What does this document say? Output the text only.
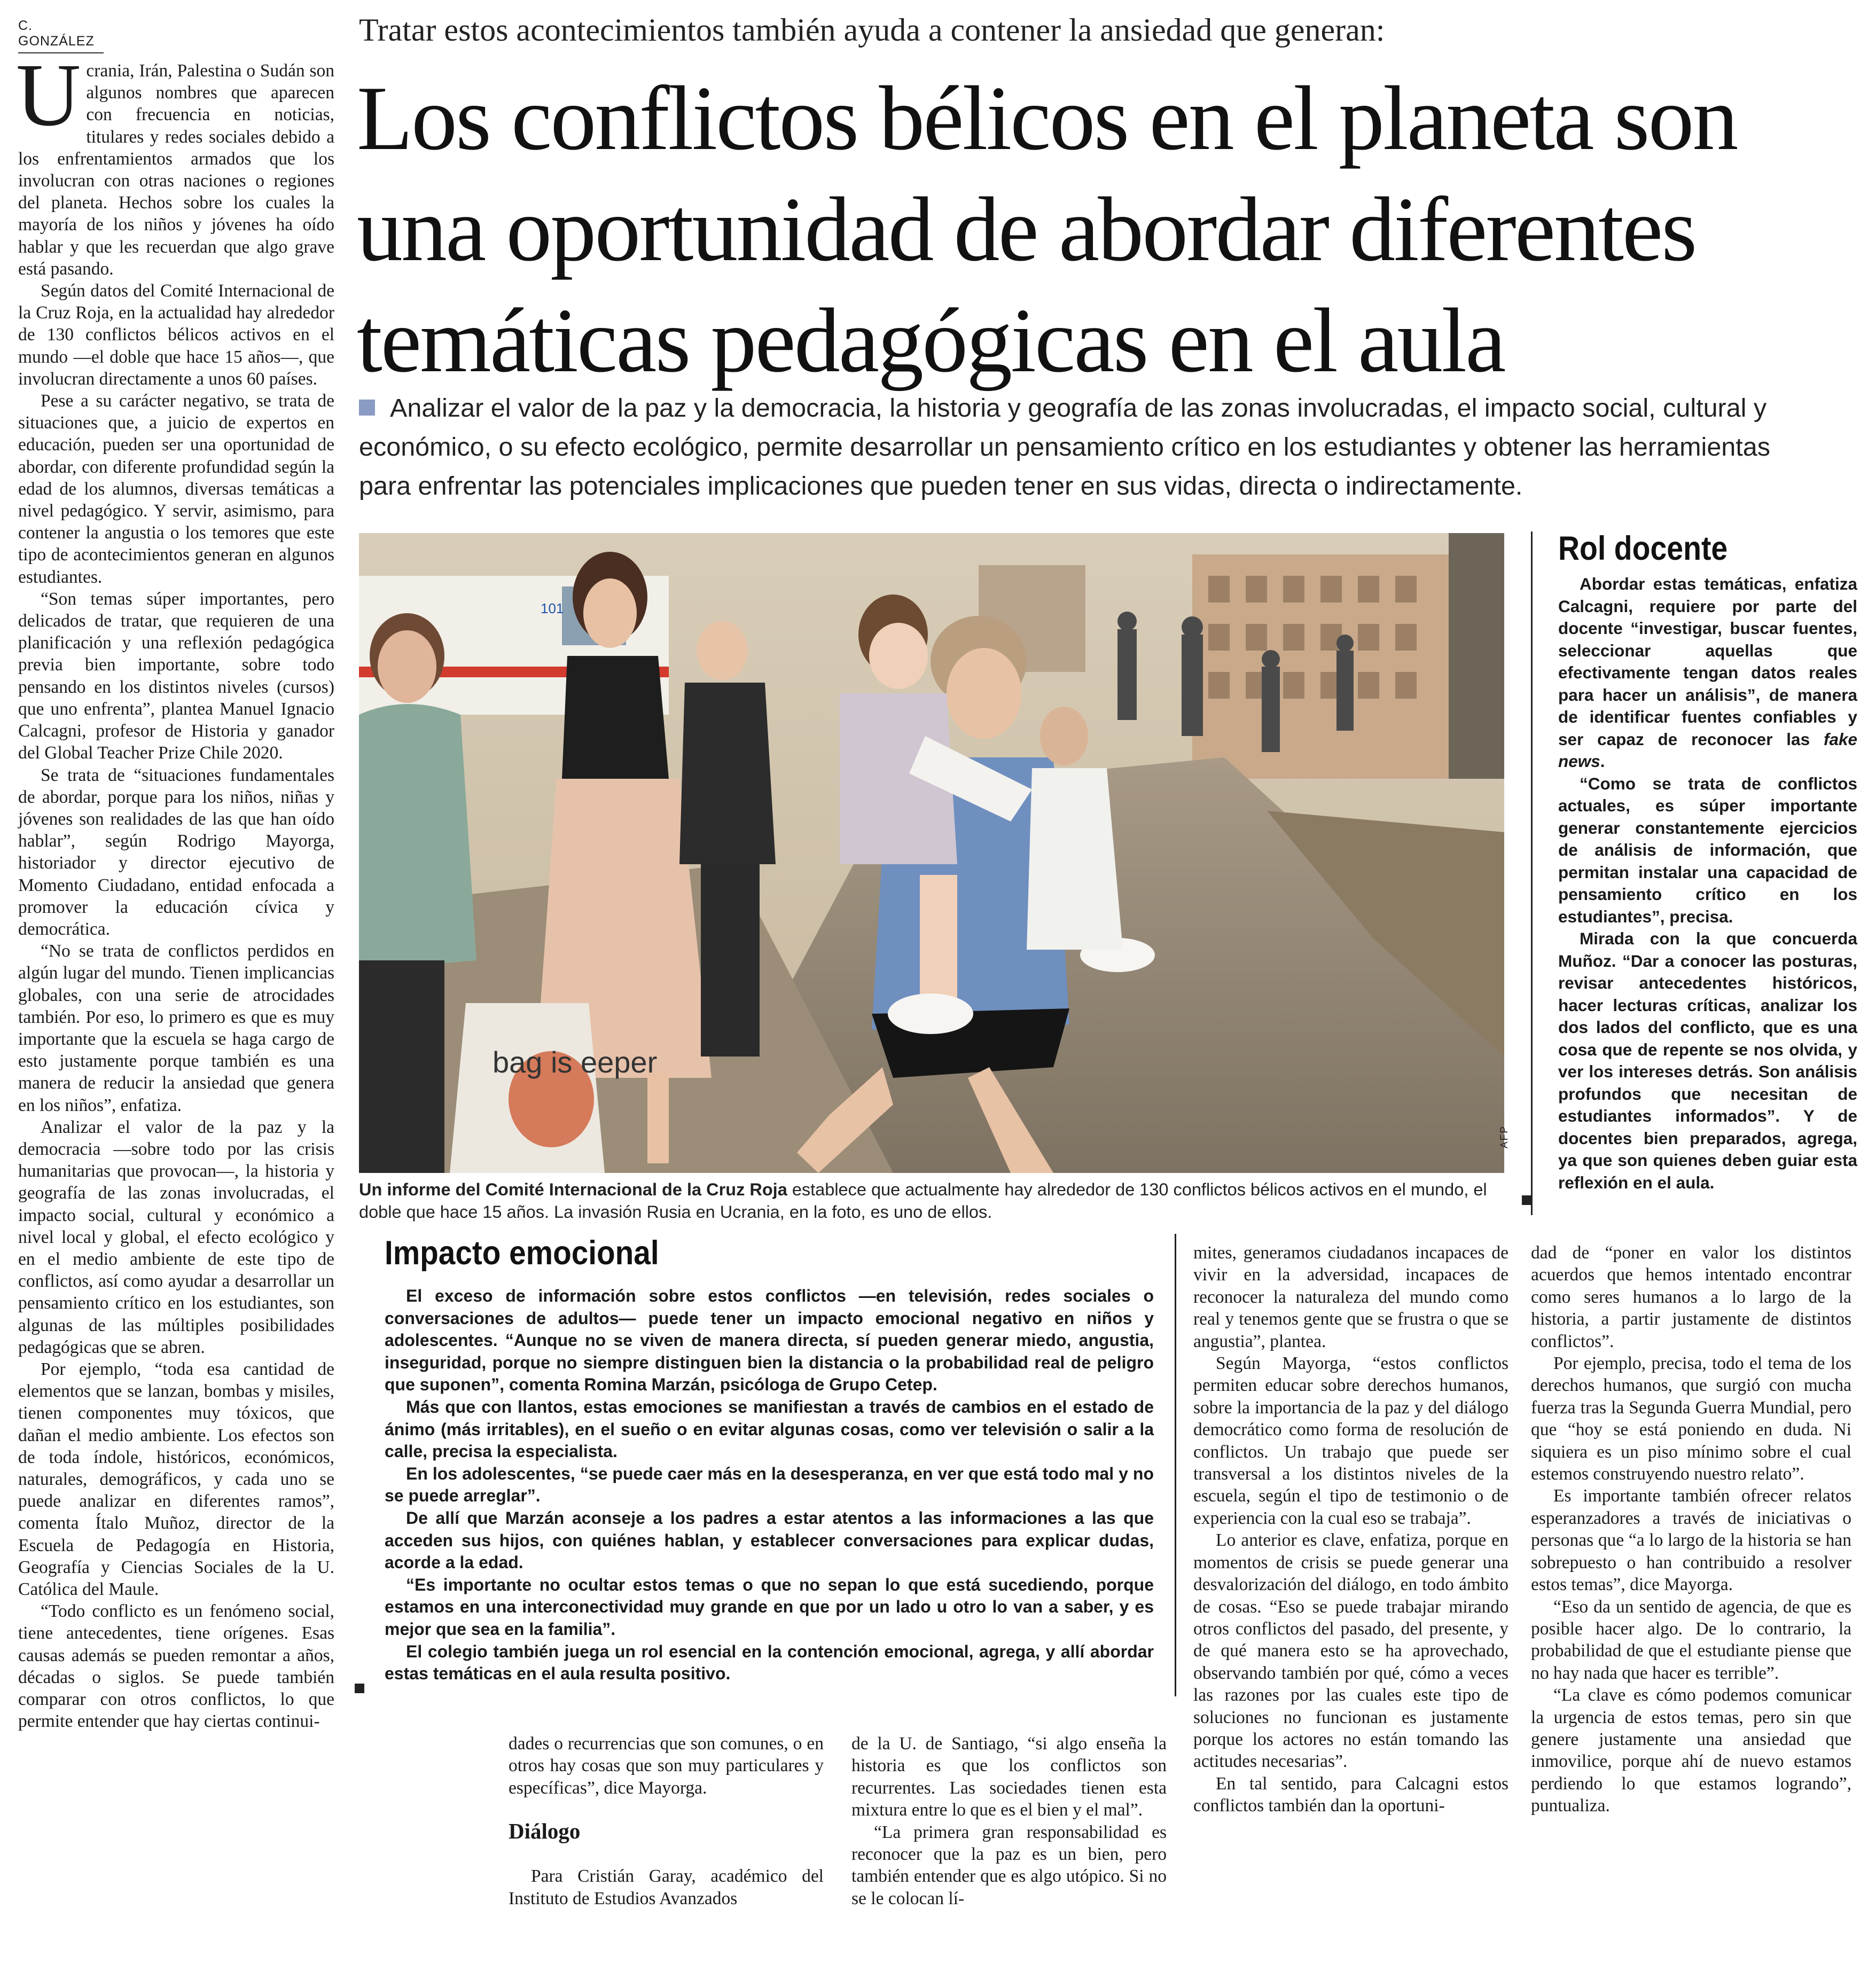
C. GONZÁLEZ	Tratar estos acontecimientos también ayuda a contener la ansiedad que generan:
Los conflictos bélicos en el planeta son
una oportunidad de abordar diferentes
temáticas pedagógicas en el aula
Analizar el valor de la paz y la democracia, la historia y geografía de las zonas involucradas, el impacto social, cultural y económico, o su efecto ecológico, permite desarrollar un pensamiento crítico en los estudiantes y obtener las herramientas para enfrentar las potenciales implicaciones que pueden tener en sus vidas, directa o indirectamente.

Ucrania, Irán, Palestina o Sudán son algunos nombres que aparecen con frecuencia en noticias, titulares y redes sociales debido a los enfrentamientos armados que los involucran con otras naciones o regiones del planeta. Hechos sobre los cuales la mayoría de los niños y jóvenes ha oído hablar y que les recuerdan que algo grave está pasando.

Según datos del Comité Internacional de la Cruz Roja, en la actualidad hay alrededor de 130 conflictos bélicos activos en el mundo —el doble que hace 15 años—, que involucran directamente a unos 60 países.

Pese a su carácter negativo, se trata de situaciones que, a juicio de expertos en educación, pueden ser una oportunidad de abordar, con diferente profundidad según la edad de los alumnos, diversas temáticas a nivel pedagógico. Y servir, asimismo, para contener la angustia o los temores que este tipo de acontecimientos generan en algunos estudiantes.

“Son temas súper importantes, pero delicados de tratar, que requieren de una planificación y una reflexión pedagógica previa bien importante, sobre todo pensando en los distintos niveles (cursos) que uno enfrenta”, plantea Manuel Ignacio Calcagni, profesor de Historia y ganador del Global Teacher Prize Chile 2020.

Se trata de “situaciones fundamentales de abordar, porque para los niños, niñas y jóvenes son realidades de las que han oído hablar”, según Rodrigo Mayorga, historiador y director ejecutivo de Momento Ciudadano, entidad enfocada a promover la educación cívica y democrática.

“No se trata de conflictos perdidos en algún lugar del mundo. Tienen implicancias globales, con una serie de atrocidades también. Por eso, lo primero es que es muy importante que la escuela se haga cargo de esto justamente porque también es una manera de reducir la ansiedad que genera en los niños”, enfatiza.

Analizar el valor de la paz y la democracia —sobre todo por las crisis humanitarias que provocan—, la historia y geografía de las zonas involucradas, el impacto social, cultural y económico a nivel local y global, el efecto ecológico y en el medio ambiente de este tipo de conflictos, así como ayudar a desarrollar un pensamiento crítico en los estudiantes, son algunas de las múltiples posibilidades pedagógicas que se abren.

Por ejemplo, “toda esa cantidad de elementos que se lanzan, bombas y misiles, tienen componentes muy tóxicos, que dañan el medio ambiente. Los efectos son de toda índole, históricos, económicos, naturales, demográficos, y cada uno se puede analizar en diferentes ramos”, comenta Ítalo Muñoz, director de la Escuela de Pedagogía en Historia, Geografía y Ciencias Sociales de la U. Católica del Maule.

“Todo conflicto es un fenómeno social, tiene antecedentes, tiene orígenes. Esas causas además se pueden remontar a años, décadas o siglos. Se puede también comparar con otros conflictos, lo que permite entender que hay ciertas continui-

101
bag is eeper
AFP
Un informe del Comité Internacional de la Cruz Roja establece que actualmente hay alrededor de 130 conflictos bélicos activos en el mundo, el doble que hace 15 años. La invasión Rusia en Ucrania, en la foto, es uno de ellos.
Rol docente

Abordar estas temáticas, enfatiza Calcagni, requiere por parte del docente “investigar, buscar fuentes, seleccionar aquellas que efectivamente tengan datos reales para hacer un análisis”, de manera de identificar fuentes confiables y ser capaz de reconocer las fake news.

“Como se trata de conflictos actuales, es súper importante generar constantemente ejercicios de análisis de información, que permitan instalar una capacidad de pensamiento crítico en los estudiantes”, precisa.

Mirada con la que concuerda Muñoz. “Dar a conocer las posturas, revisar antecedentes históricos, hacer lecturas críticas, analizar los dos lados del conflicto, que es una cosa que de repente se nos olvida, y ver los intereses detrás. Son análisis profundos que necesitan de estudiantes informados”. Y de docentes bien preparados, agrega, ya que son quienes deben guiar esta reflexión en el aula.

Impacto emocional

El exceso de información sobre estos conflictos —en televisión, redes sociales o conversaciones de adultos— puede tener un impacto emocional negativo en niños y adolescentes. “Aunque no se viven de manera directa, sí pueden generar miedo, angustia, inseguridad, porque no siempre distinguen bien la distancia o la probabilidad real de peligro que suponen”, comenta Romina Marzán, psicóloga de Grupo Cetep.

Más que con llantos, estas emociones se manifiestan a través de cambios en el estado de ánimo (más irritables), en el sueño o en evitar algunas cosas, como ver televisión o salir a la calle, precisa la especialista.

En los adolescentes, “se puede caer más en la desesperanza, en ver que está todo mal y no se puede arreglar”.

De allí que Marzán aconseje a los padres a estar atentos a las informaciones a las que acceden sus hijos, con quiénes hablan, y establecer conversaciones para explicar dudas, acorde a la edad.

“Es importante no ocultar estos temas o que no sepan lo que está sucediendo, porque estamos en una interconectividad muy grande en que por un lado u otro lo van a saber, y es mejor que sea en la familia”.

El colegio también juega un rol esencial en la contención emocional, agrega, y allí abordar estas temáticas en el aula resulta positivo.

dades o recurrencias que son comunes, o en otros hay cosas que son muy particulares y específicas”, dice Mayorga.

Diálogo

Para Cristián Garay, académico del Instituto de Estudios Avanzados

de la U. de Santiago, “si algo enseña la historia es que los conflictos son recurrentes. Las sociedades tienen esta mixtura entre lo que es el bien y el mal”.

“La primera gran responsabilidad es reconocer que la paz es un bien, pero también entender que es algo utópico. Si no se le colocan lí-

mites, generamos ciudadanos incapaces de vivir en la adversidad, incapaces de reconocer la naturaleza del mundo como real y tenemos gente que se frustra o que se angustia”, plantea.

Según Mayorga, “estos conflictos permiten educar sobre derechos humanos, sobre la importancia de la paz y del diálogo democrático como forma de resolución de conflictos. Un trabajo que puede ser transversal a los distintos niveles de la escuela, según el tipo de testimonio o de experiencia con la cual eso se trabaja”.

Lo anterior es clave, enfatiza, porque en momentos de crisis se puede generar una desvalorización del diálogo, en todo ámbito de cosas. “Eso se puede trabajar mirando otros conflictos del pasado, del presente, y de qué manera esto se ha aprovechado, observando también por qué, cómo a veces las razones por las cuales este tipo de soluciones no funcionan es justamente porque los actores no están tomando las actitudes necesarias”.

En tal sentido, para Calcagni estos conflictos también dan la oportuni-

dad de “poner en valor los distintos acuerdos que hemos intentado encontrar como seres humanos a lo largo de la historia, a partir justamente de distintos conflictos”.

Por ejemplo, precisa, todo el tema de los derechos humanos, que surgió con mucha fuerza tras la Segunda Guerra Mundial, pero que “hoy se está poniendo en duda. Ni siquiera es un piso mínimo sobre el cual estemos construyendo nuestro relato”.

Es importante también ofrecer relatos esperanzadores a través de iniciativas o personas que “a lo largo de la historia se han sobrepuesto o han contribuido a resolver estos temas”, dice Mayorga.

“Eso da un sentido de agencia, de que es posible hacer algo. De lo contrario, la probabilidad de que el estudiante piense que no hay nada que hacer es terrible”.

“La clave es cómo podemos comunicar la urgencia de estos temas, pero sin que genere justamente una ansiedad que inmovilice, porque ahí de nuevo estamos perdiendo lo que estamos logrando”, puntualiza.
